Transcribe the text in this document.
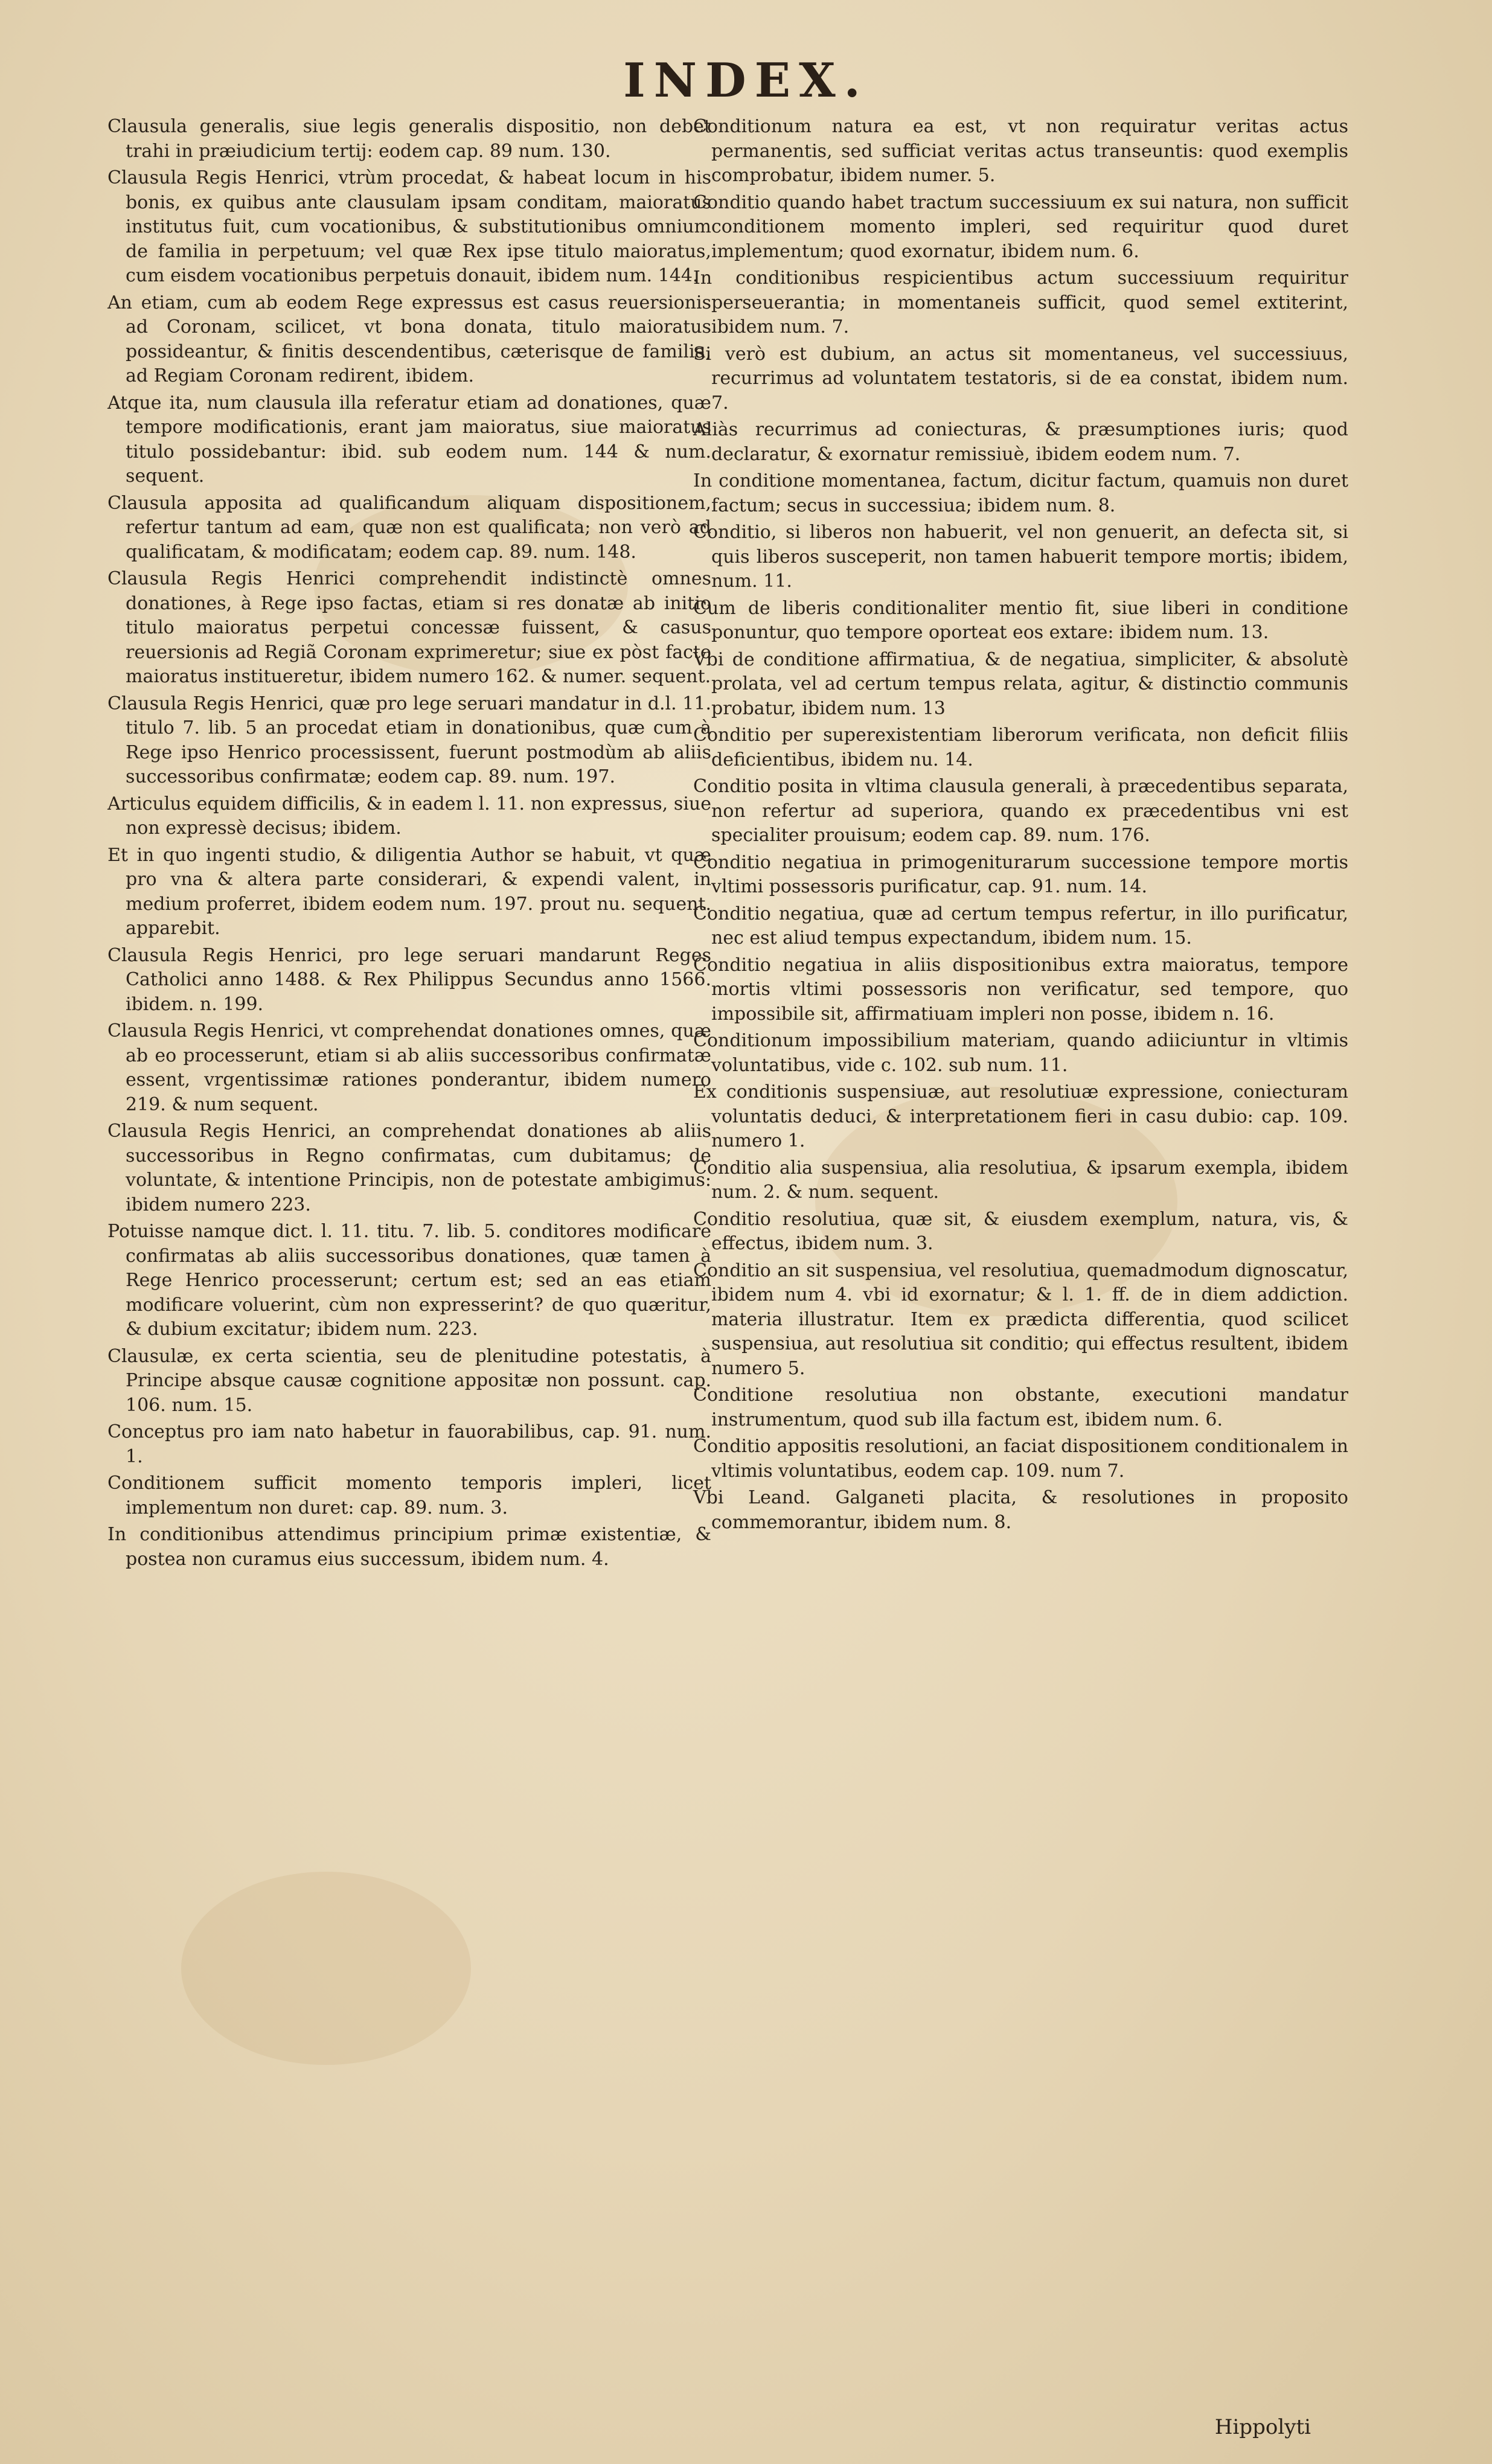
INDEX.

Clausula generalis, siue legis generalis dispositio, non debet trahi in præiudicium tertij: eodem cap. 89 num. 130.

Clausula Regis Henrici, vtrùm procedat, & habeat locum in his bonis, ex quibus ante clausulam ipsam conditam, maioratus institutus fuit, cum vocationibus, & substitutionibus omnium de familia in perpetuum; vel quæ Rex ipse titulo maioratus, cum eisdem vocationibus perpetuis donauit, ibidem num. 144.

An etiam, cum ab eodem Rege expressus est casus reuersionis ad Coronam, scilicet, vt bona donata, titulo maioratus possideantur, & finitis descendentibus, cæterisque de familia, ad Regiam Coronam redirent, ibidem.

Atque ita, num clausula illa referatur etiam ad donationes, quæ tempore modificationis, erant jam maioratus, siue maioratus titulo possidebantur: ibid. sub eodem num. 144 & num. sequent.

Clausula apposita ad qualificandum aliquam dispositionem, refertur tantum ad eam, quæ non est qualificata; non verò ad qualificatam, & modificatam; eodem cap. 89. num. 148.

Clausula Regis Henrici comprehendit indistinctè omnes donationes, à Rege ipso factas, etiam si res donatæ ab initio titulo maioratus perpetui concessæ fuissent, & casus reuersionis ad Regiã Coronam exprimeretur; siue ex pòst facto maioratus institueretur, ibidem numero 162. & numer. sequent.

Clausula Regis Henrici, quæ pro lege seruari mandatur in d.l. 11. titulo 7. lib. 5 an procedat etiam in donationibus, quæ cum à Rege ipso Henrico processissent, fuerunt postmodùm ab aliis successoribus confirmatæ; eodem cap. 89. num. 197.

Articulus equidem difficilis, & in eadem l. 11. non expressus, siue non expressè decisus; ibidem.

Et in quo ingenti studio, & diligentia Author se habuit, vt quæ pro vna & altera parte considerari, & expendi valent, in medium proferret, ibidem eodem num. 197. prout nu. sequent. apparebit.

Clausula Regis Henrici, pro lege seruari mandarunt Reges Catholici anno 1488. & Rex Philippus Secundus anno 1566. ibidem. n. 199.

Clausula Regis Henrici, vt comprehendat donationes omnes, quæ ab eo processerunt, etiam si ab aliis successoribus confirmatæ essent, vrgentissimæ rationes ponderantur, ibidem numero 219. & num sequent.

Clausula Regis Henrici, an comprehendat donationes ab aliis successoribus in Regno confirmatas, cum dubitamus; de voluntate, & intentione Principis, non de potestate ambigimus: ibidem numero 223.

Potuisse namque dict. l. 11. titu. 7. lib. 5. conditores modificare confirmatas ab aliis successoribus donationes, quæ tamen à Rege Henrico processerunt; certum est; sed an eas etiam modificare voluerint, cùm non expresserint? de quo quæritur, & dubium excitatur; ibidem num. 223.

Clausulæ, ex certa scientia, seu de plenitudine potestatis, à Principe absque causæ cognitione appositæ non possunt. cap. 106. num. 15.

Conceptus pro iam nato habetur in fauorabilibus, cap. 91. num. 1.

Conditionem sufficit momento temporis impleri, licet implementum non duret: cap. 89. num. 3.

In conditionibus attendimus principium primæ existentiæ, & postea non curamus eius successum, ibidem num. 4.

Conditionum natura ea est, vt non requiratur veritas actus permanentis, sed sufficiat veritas actus transeuntis: quod exemplis comprobatur, ibidem numer. 5.

Conditio quando habet tractum successiuum ex sui natura, non sufficit conditionem momento impleri, sed requiritur quod duret implementum; quod exornatur, ibidem num. 6.

In conditionibus respicientibus actum successiuum requiritur perseuerantia; in momentaneis sufficit, quod semel extiterint, ibidem num. 7.

Si verò est dubium, an actus sit momentaneus, vel successiuus, recurrimus ad voluntatem testatoris, si de ea constat, ibidem num. 7.

Aliàs recurrimus ad coniecturas, & præsumptiones iuris; quod declaratur, & exornatur remissiuè, ibidem eodem num. 7.

In conditione momentanea, factum, dicitur factum, quamuis non duret factum; secus in successiua; ibidem num. 8.

Conditio, si liberos non habuerit, vel non genuerit, an defecta sit, si quis liberos susceperit, non tamen habuerit tempore mortis; ibidem, num. 11.

Cum de liberis conditionaliter mentio fit, siue liberi in conditione ponuntur, quo tempore oporteat eos extare: ibidem num. 13.

Vbi de conditione affirmatiua, & de negatiua, simpliciter, & absolutè prolata, vel ad certum tempus relata, agitur, & distinctio communis probatur, ibidem num. 13

Conditio per superexistentiam liberorum verificata, non deficit filiis deficientibus, ibidem nu. 14.

Conditio posita in vltima clausula generali, à præcedentibus separata, non refertur ad superiora, quando ex præcedentibus vni est specialiter prouisum; eodem cap. 89. num. 176.

Conditio negatiua in primogeniturarum successione tempore mortis vltimi possessoris purificatur, cap. 91. num. 14.

Conditio negatiua, quæ ad certum tempus refertur, in illo purificatur, nec est aliud tempus expectandum, ibidem num. 15.

Conditio negatiua in aliis dispositionibus extra maioratus, tempore mortis vltimi possessoris non verificatur, sed tempore, quo impossibile sit, affirmatiuam impleri non posse, ibidem n. 16.

Conditionum impossibilium materiam, quando adiiciuntur in vltimis voluntatibus, vide c. 102. sub num. 11.

Ex conditionis suspensiuæ, aut resolutiuæ expressione, coniecturam voluntatis deduci, & interpretationem fieri in casu dubio: cap. 109. numero 1.

Conditio alia suspensiua, alia resolutiua, & ipsarum exempla, ibidem num. 2. & num. sequent.

Conditio resolutiua, quæ sit, & eiusdem exemplum, natura, vis, & effectus, ibidem num. 3.

Conditio an sit suspensiua, vel resolutiua, quemadmodum dignoscatur, ibidem num 4. vbi id exornatur; & l. 1. ff. de in diem addiction. materia illustratur. Item ex prædicta differentia, quod scilicet suspensiua, aut resolutiua sit conditio; qui effectus resultent, ibidem numero 5.

Conditione resolutiua non obstante, executioni mandatur instrumentum, quod sub illa factum est, ibidem num. 6.

Conditio appositis resolutioni, an faciat dispositionem conditionalem in vltimis voluntatibus, eodem cap. 109. num 7.

Vbi Leand. Galganeti placita, & resolutiones in proposito commemorantur, ibidem num. 8.

Hippolyti
